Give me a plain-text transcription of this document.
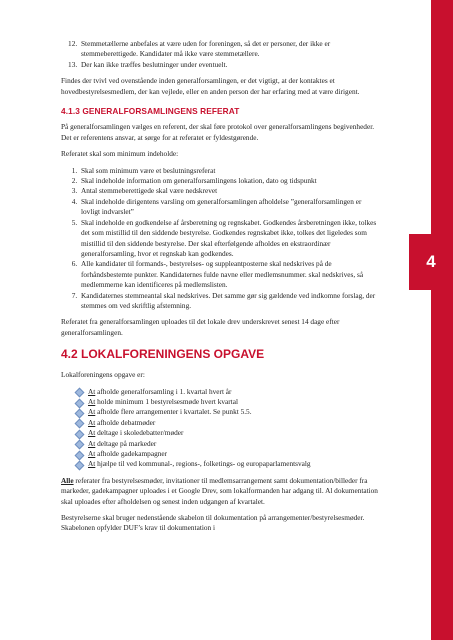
4
12. Stemmetællerne anbefales at være uden for foreningen, så det er personer, der ikke er stemmeberettigede. Kandidater må ikke være stemmetællere.
13. Der kan ikke træffes beslutninger under eventuelt.

Findes der tvivl ved ovenstående inden generalforsamlingen, er det vigtigt, at der kontaktes et hovedbestyrelsesmedlem, der kan vejlede, eller en anden person der har erfaring med at være dirigent.

4.1.3 GENERALFORSAMLINGENS REFERAT

På generalforsamlingen vælges en referent, der skal føre protokol over generalforsamlingens begivenheder. Det er referentens ansvar, at sørge for at referatet er fyldestgørende.

Referatet skal som minimum indeholde:

1. Skal som minimum være et beslutningsreferat
2. Skal indeholde information om generalforsamlingens lokation, dato og tidspunkt
3. Antal stemmeberettigede skal være nedskrevet
4. Skal indeholde dirigentens varsling om generalforsamlingen afholdelse ”generalforsamlingen er lovligt indvarslet”
5. Skal indeholde en godkendelse af årsberetning og regnskabet. Godkendes årsberetningen ikke, tolkes det som mistillid til den siddende bestyrelse. Godkendes regnskabet ikke, tolkes det ligeledes som mistillid til den siddende bestyrelse. Der skal efterfølgende afholdes en ekstraordinær generalforsamling, hvor et regnskab kan godkendes.
6. Alle kandidater til formands-, bestyrelses- og suppleantposterne skal nedskrives på de forhåndsbestemte punkter. Kandidaternes fulde navne eller medlemsnummer. skal nedskrives, så medlemmerne kan identificeres på medlemslisten.
7. Kandidaternes stemmeantal skal nedskrives. Det samme gør sig gældende ved indkomne forslag, der stemmes om ved skriftlig afstemning.

Referatet fra generalforsamlingen uploades til det lokale drev underskrevet senest 14 dage efter generalforsamlingen.

4.2 LOKALFORENINGENS OPGAVE

Lokalforeningens opgave er:

At afholde generalforsamling i 1. kvartal hvert år
At holde minimum 1 bestyrelsesmøde hvert kvartal
At afholde flere arrangementer i kvartalet. Se punkt 5.5.
At afholde debatmøder
At deltage i skoledebatter/møder
At deltage på markeder
At afholde gadekampagner
At hjælpe til ved kommunal-, regions-, folketings- og europaparlamentsvalg

Alle referater fra bestyrelsesmøder, invitationer til medlemsarrangement samt dokumentation/billeder fra markeder, gadekampagner uploades i et Google Drev, som lokalformanden har adgang til. Al dokumentation skal uploades efter afholdelsen og senest inden udgangen af kvartalet.

Bestyrelserne skal bruger nedenstående skabelon til dokumentation på arrangementer/bestyrelsesmøder. Skabelonen opfylder DUF’s krav til dokumentation i
